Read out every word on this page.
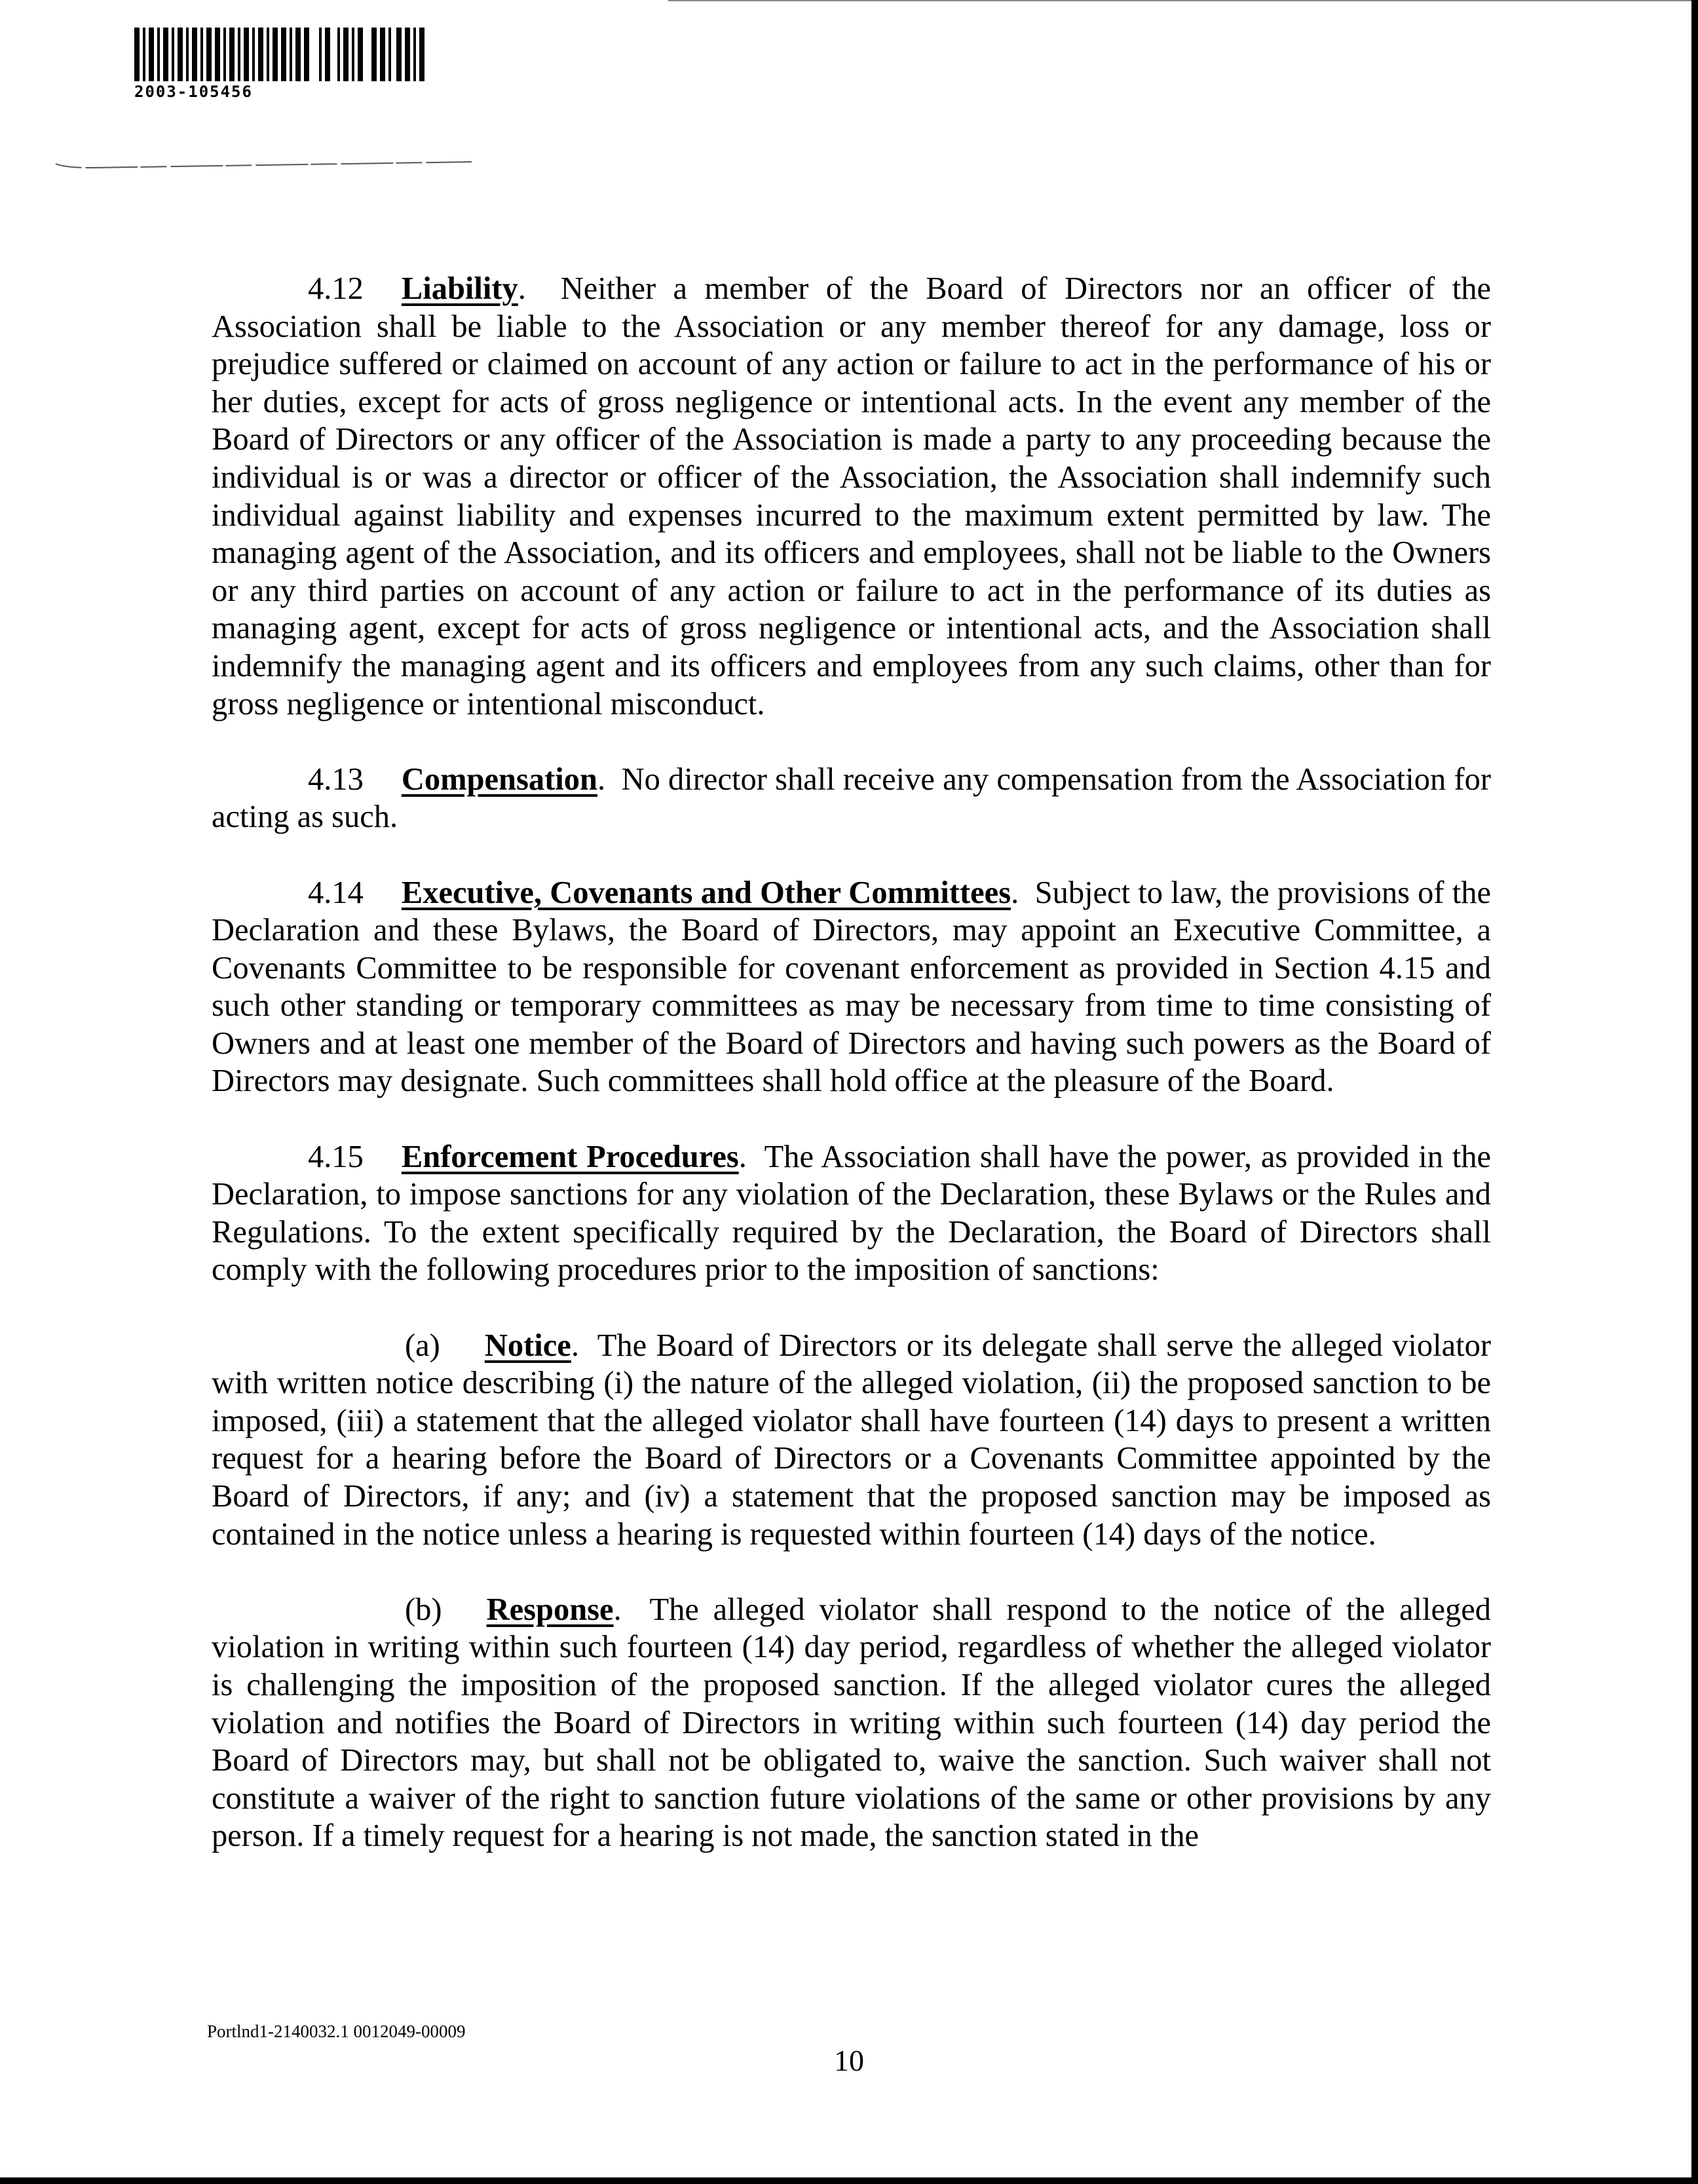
2003-105456

4.12 Liability.  Neither a member of the Board of Directors nor an officer of the Association shall be liable to the Association or any member thereof for any damage, loss or prejudice suffered or claimed on account of any action or failure to act in the performance of his or her duties, except for acts of gross negligence or intentional acts. In the event any member of the Board of Directors or any officer of the Association is made a party to any proceeding because the individual is or was a director or officer of the Association, the Association shall indemnify such individual against liability and expenses incurred to the maximum extent permitted by law. The managing agent of the Association, and its officers and employees, shall not be liable to the Owners or any third parties on account of any action or failure to act in the performance of its duties as managing agent, except for acts of gross negligence or intentional acts, and the Association shall indemnify the managing agent and its officers and employees from any such claims, other than for gross negligence or intentional misconduct.

4.13 Compensation.  No director shall receive any compensation from the Association for acting as such.

4.14 Executive, Covenants and Other Committees.  Subject to law, the provisions of the Declaration and these Bylaws, the Board of Directors, may appoint an Executive Committee, a Covenants Committee to be responsible for covenant enforcement as provided in Section 4.15 and such other standing or temporary committees as may be necessary from time to time consisting of Owners and at least one member of the Board of Directors and having such powers as the Board of Directors may designate. Such committees shall hold office at the pleasure of the Board.

4.15 Enforcement Procedures.  The Association shall have the power, as provided in the Declaration, to impose sanctions for any violation of the Declaration, these Bylaws or the Rules and Regulations. To the extent specifically required by the Declaration, the Board of Directors shall comply with the following procedures prior to the imposition of sanctions:

(a) Notice.  The Board of Directors or its delegate shall serve the alleged violator with written notice describing (i) the nature of the alleged violation, (ii) the proposed sanction to be imposed, (iii) a statement that the alleged violator shall have fourteen (14) days to present a written request for a hearing before the Board of Directors or a Covenants Committee appointed by the Board of Directors, if any; and (iv) a statement that the proposed sanction may be imposed as contained in the notice unless a hearing is requested within fourteen (14) days of the notice.

(b) Response.  The alleged violator shall respond to the notice of the alleged violation in writing within such fourteen (14) day period, regardless of whether the alleged violator is challenging the imposition of the proposed sanction. If the alleged violator cures the alleged violation and notifies the Board of Directors in writing within such fourteen (14) day period the Board of Directors may, but shall not be obligated to, waive the sanction. Such waiver shall not constitute a waiver of the right to sanction future violations of the same or other provisions by any person. If a timely request for a hearing is not made, the sanction stated in the

Portlnd1-2140032.1 0012049-00009
10
